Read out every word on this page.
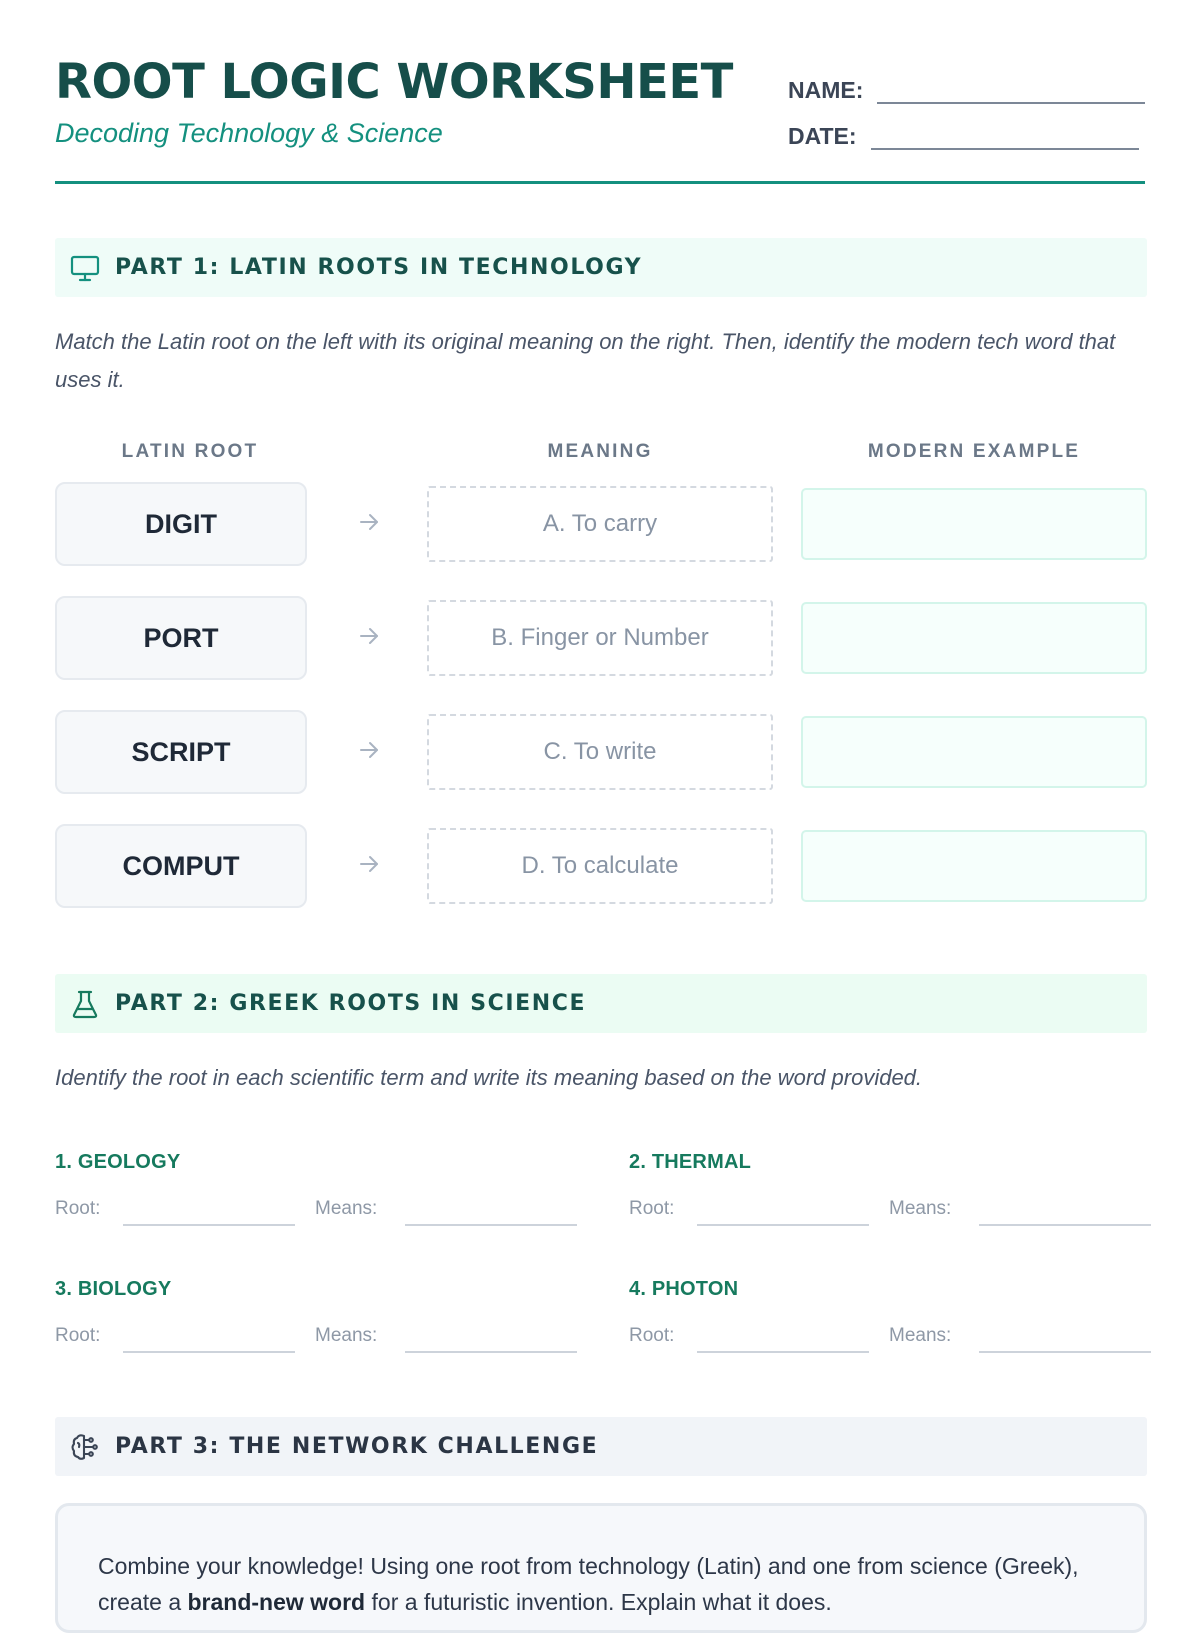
ROOT LOGIC WORKSHEET
Decoding Technology & Science
NAME:
DATE:
PART 1: LATIN ROOTS IN TECHNOLOGY
Match the Latin root on the left with its original meaning on the right. Then, identify the modern tech word that uses it.
LATIN ROOT	MEANING	MODERN EXAMPLE
DIGIT	A. To carry
PORT	B. Finger or Number
SCRIPT	C. To write
COMPUT	D. To calculate
PART 2: GREEK ROOTS IN SCIENCE
Identify the root in each scientific term and write its meaning based on the word provided.
1. GEOLOGY
Root:	Means:
2. THERMAL
Root:	Means:
3. BIOLOGY
Root:	Means:
4. PHOTON
Root:	Means:
PART 3: THE NETWORK CHALLENGE
Combine your knowledge! Using one root from technology (Latin) and one from science (Greek), create a brand-new word for a futuristic invention. Explain what it does.
